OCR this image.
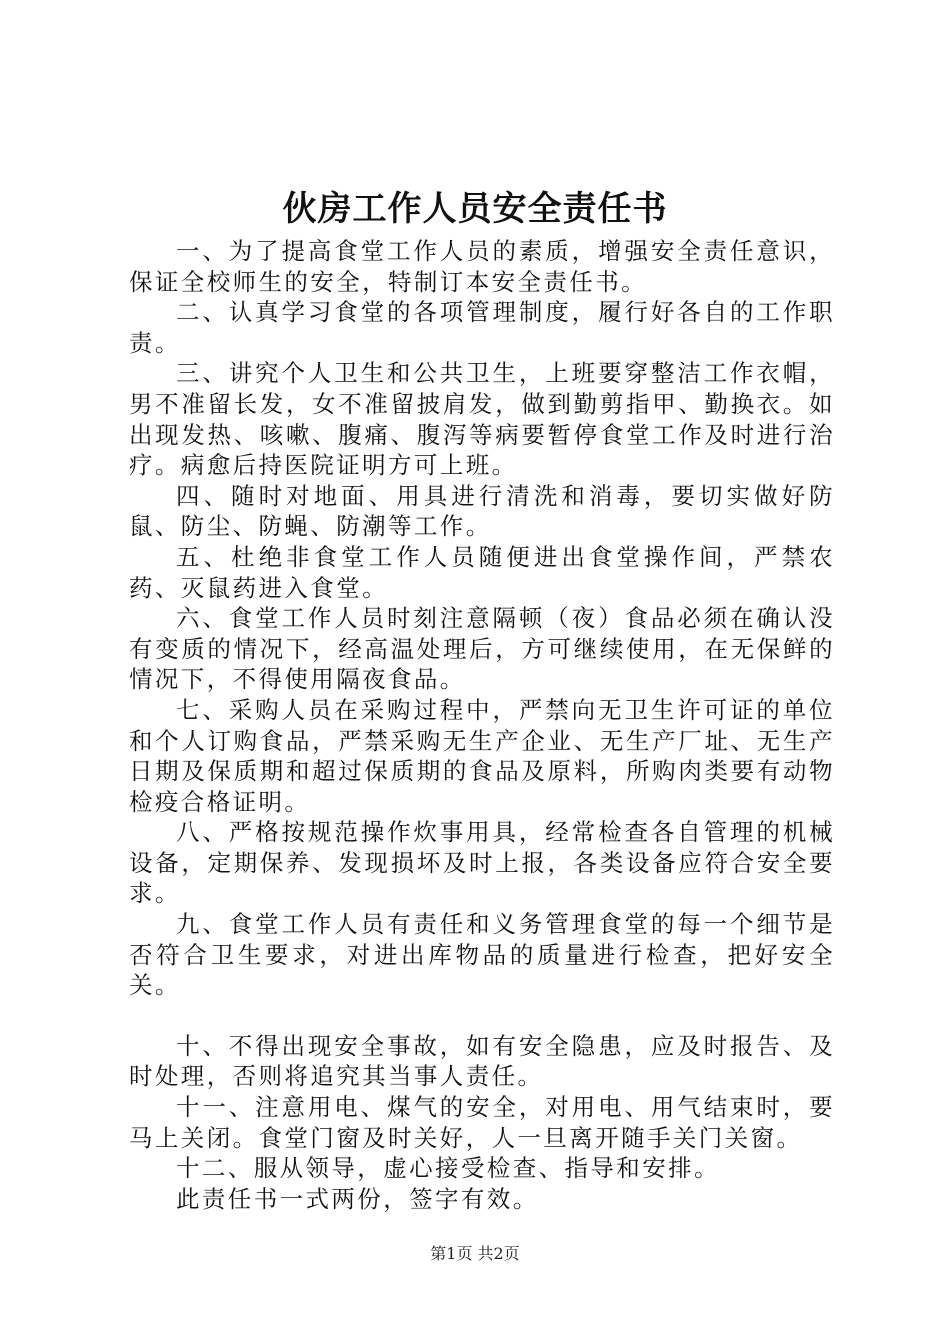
伙房工作人员安全责任书

一、为了提高食堂工作人员的素质，增强安全责任意识，保证全校师生的安全，特制订本安全责任书。

二、认真学习食堂的各项管理制度，履行好各自的工作职责。

三、讲究个人卫生和公共卫生，上班要穿整洁工作衣帽，男不准留长发，女不准留披肩发，做到勤剪指甲、勤换衣。如出现发热、咳嗽、腹痛、腹泻等病要暂停食堂工作及时进行治疗。病愈后持医院证明方可上班。

四、随时对地面、用具进行清洗和消毒，要切实做好防鼠、防尘、防蝇、防潮等工作。

五、杜绝非食堂工作人员随便进出食堂操作间，严禁农药、灭鼠药进入食堂。

六、食堂工作人员时刻注意隔顿（夜）食品必须在确认没有变质的情况下，经高温处理后，方可继续使用，在无保鲜的情况下，不得使用隔夜食品。

七、采购人员在采购过程中，严禁向无卫生许可证的单位和个人订购食品，严禁采购无生产企业、无生产厂址、无生产日期及保质期和超过保质期的食品及原料，所购肉类要有动物检疫合格证明。

八、严格按规范操作炊事用具，经常检查各自管理的机械设备，定期保养、发现损坏及时上报，各类设备应符合安全要求。

九、食堂工作人员有责任和义务管理食堂的每一个细节是否符合卫生要求，对进出库物品的质量进行检查，把好安全关。

十、不得出现安全事故，如有安全隐患，应及时报告、及时处理，否则将追究其当事人责任。

十一、注意用电、煤气的安全，对用电、用气结束时，要马上关闭。食堂门窗及时关好，人一旦离开随手关门关窗。

十二、服从领导，虚心接受检查、指导和安排。

此责任书一式两份，签字有效。

第1页 共2页
